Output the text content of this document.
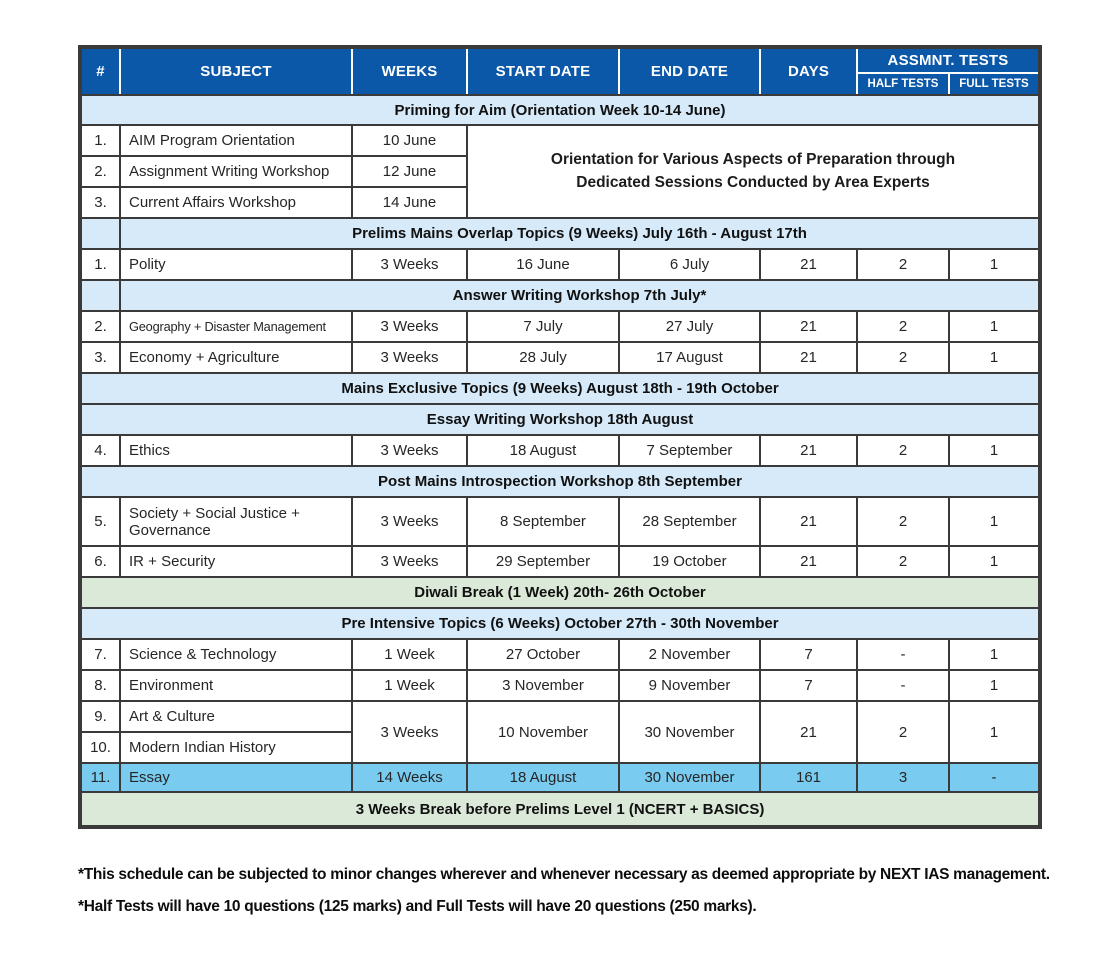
#	SUBJECT	WEEKS	START DATE	END DATE	DAYS	ASSMNT. TESTS	
						HALF TESTS	FULL TESTS
Priming for Aim (Orientation Week 10-14 June)							
1.	AIM Program Orientation	10 June	Orientation for Various Aspects of Preparation through Dedicated Sessions Conducted by Area Experts				

2.	Assignment Writing Workshop	12 June					
3.	Current Affairs Workshop	14 June					
	Prelims Mains Overlap Topics (9 Weeks) July 16th - August 17th						
1.	Polity	3 Weeks	16 June	6 July	21	2	1
	Answer Writing Workshop 7th July*						
2.	Geography + Disaster Management	3 Weeks	7 July	27 July	21	2	1
3.	Economy + Agriculture	3 Weeks	28 July	17 August	21	2	1
Mains Exclusive Topics (9 Weeks) August 18th - 19th October							
Essay Writing Workshop 18th August							
4.	Ethics	3 Weeks	18 August	7 September	21	2	1
Post Mains Introspection Workshop 8th September							
5.	Society + Social Justice + Governance	3 Weeks	8 September	28 September	21	2	1
6.	IR + Security	3 Weeks	29 September	19 October	21	2	1
Diwali Break (1 Week) 20th- 26th October							
Pre Intensive Topics (6 Weeks) October 27th - 30th November							
7.	Science & Technology	1 Week	27 October	2 November	7	-	1
8.	Environment	1 Week	3 November	9 November	7	-	1
9.	Art & Culture	3 Weeks	10 November	30 November	21	2	1
10.	Modern Indian History						
11.	Essay	14 Weeks	18 August	30 November	161	3	-
3 Weeks Break before Prelims Level 1 (NCERT + BASICS)							

*This schedule can be subjected to minor changes wherever and whenever necessary as deemed appropriate by NEXT IAS management.

*Half Tests will have 10 questions (125 marks) and Full Tests will have 20 questions (250 marks).
